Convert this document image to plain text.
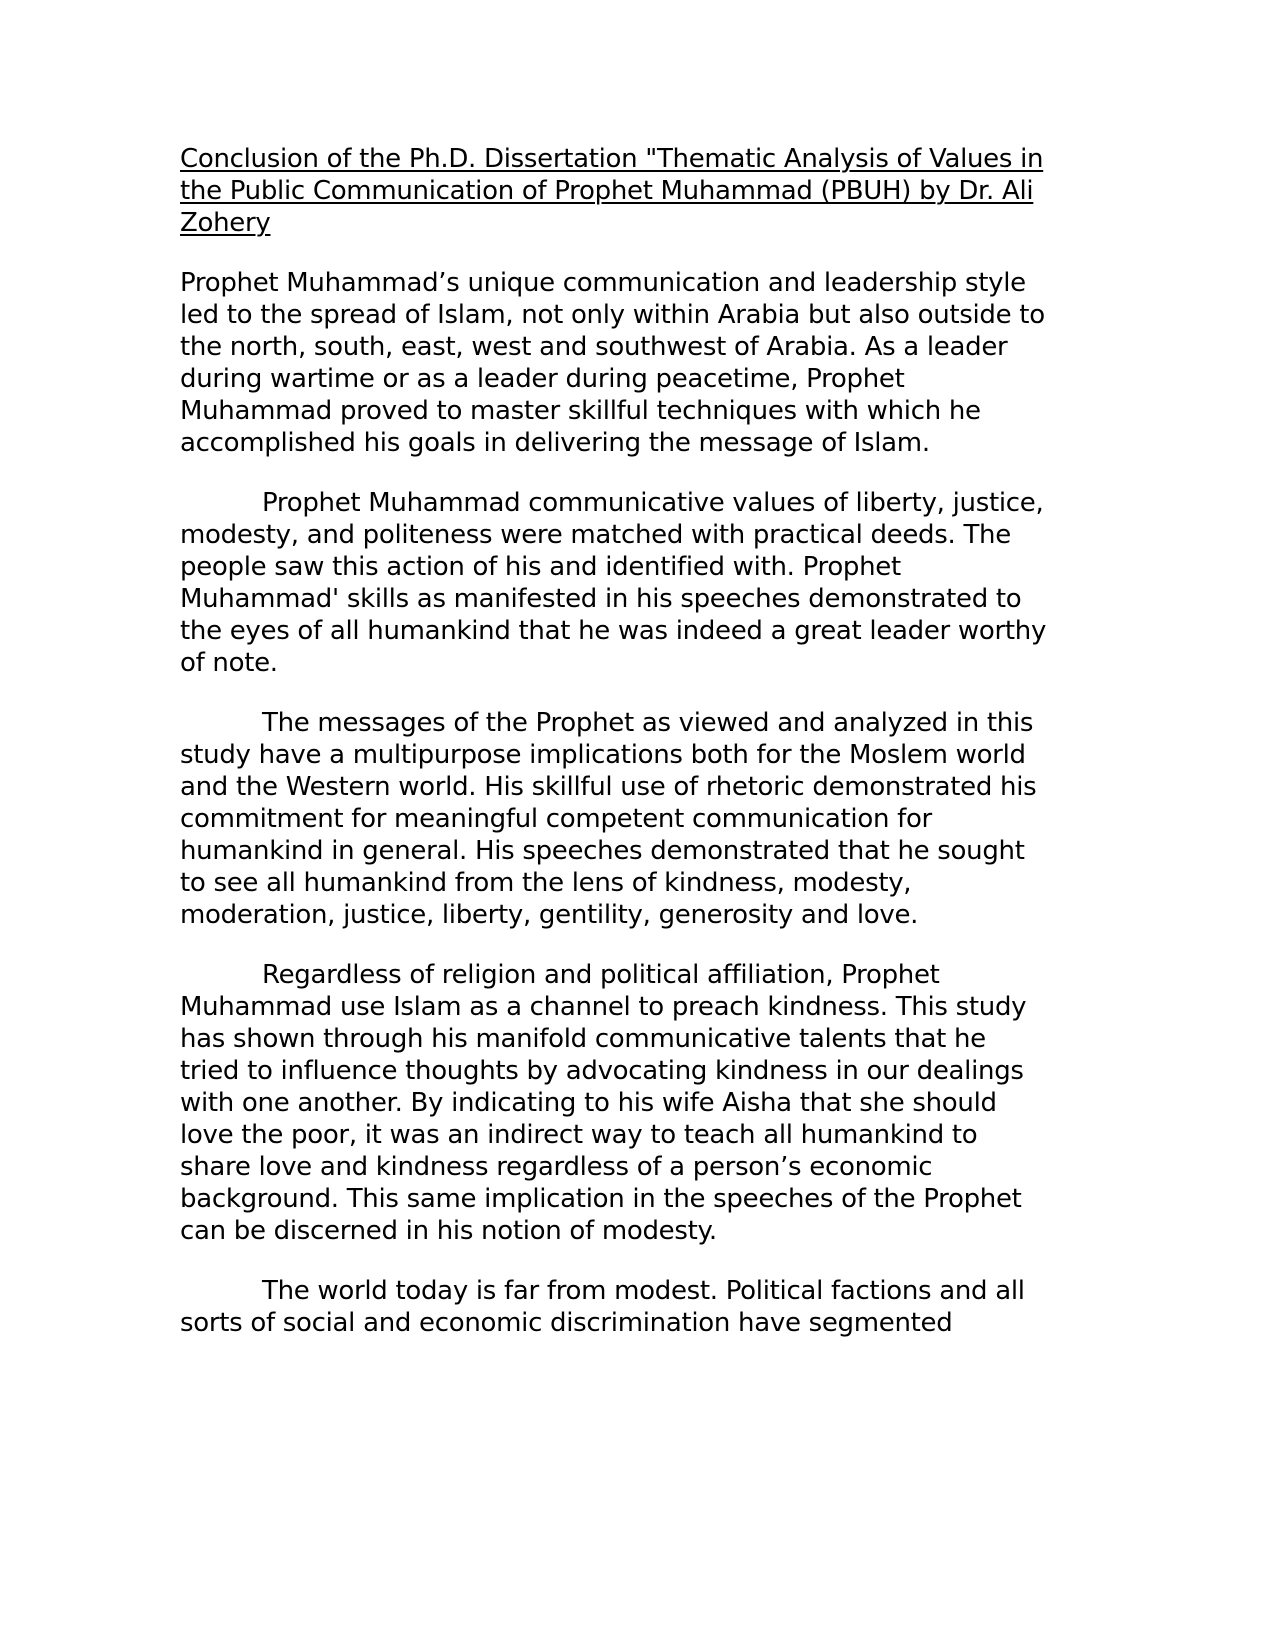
Conclusion of the Ph.D. Dissertation "Thematic Analysis of Values in the Public Communication of Prophet Muhammad (PBUH) by Dr. Ali Zohery

Prophet Muhammad’s unique communication and leadership style led to the spread of Islam, not only within Arabia but also outside to the north, south, east, west and southwest of Arabia. As a leader during wartime or as a leader during peacetime, Prophet Muhammad proved to master skillful techniques with which he accomplished his goals in delivering the message of Islam.

Prophet Muhammad communicative values of liberty, justice, modesty, and politeness were matched with practical deeds. The people saw this action of his and identified with. Prophet Muhammad' skills as manifested in his speeches demonstrated to the eyes of all humankind that he was indeed a great leader worthy of note.

The messages of the Prophet as viewed and analyzed in this study have a multipurpose implications both for the Moslem world and the Western world. His skillful use of rhetoric demonstrated his commitment for meaningful competent communication for humankind in general. His speeches demonstrated that he sought to see all humankind from the lens of kindness, modesty, moderation, justice, liberty, gentility, generosity and love.

Regardless of religion and political affiliation, Prophet Muhammad use Islam as a channel to preach kindness. This study has shown through his manifold communicative talents that he tried to influence thoughts by advocating kindness in our dealings with one another. By indicating to his wife Aisha that she should love the poor, it was an indirect way to teach all humankind to share love and kindness regardless of a person’s economic background. This same implication in the speeches of the Prophet can be discerned in his notion of modesty.

The world today is far from modest. Political factions and all sorts of social and economic discrimination have segmented
